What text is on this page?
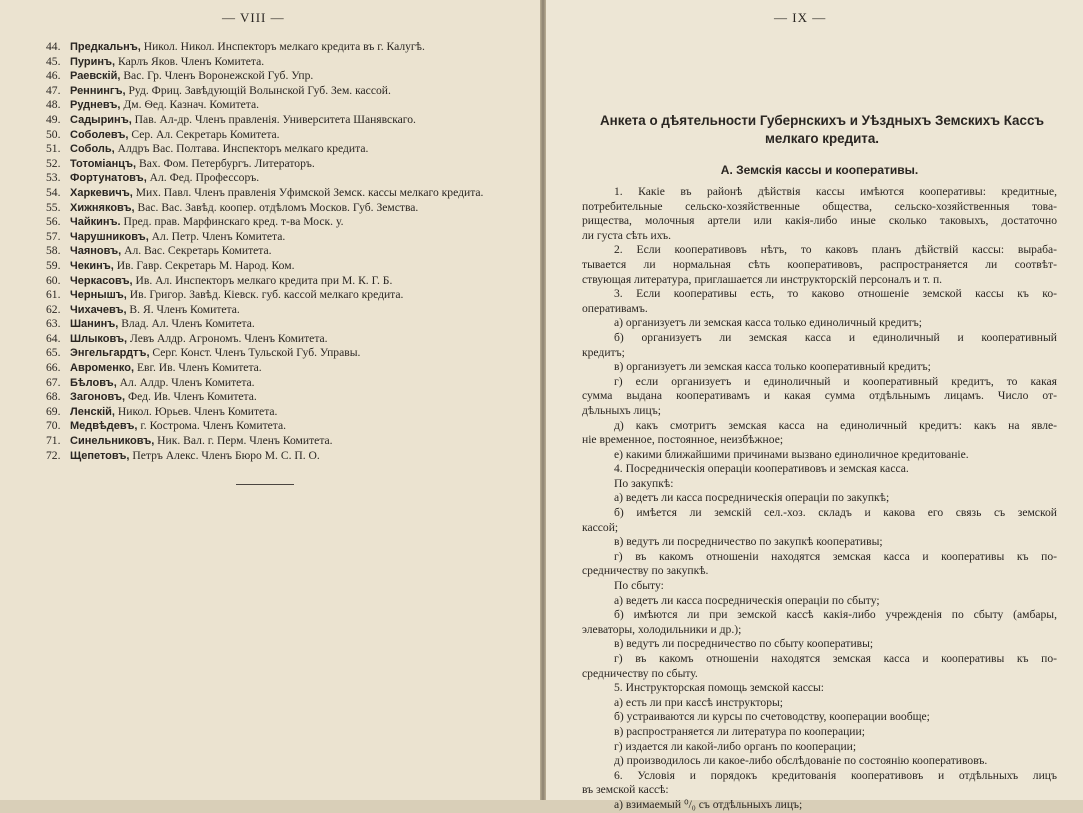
— VIII —
44. Предкальнъ, Никол. Никол. Инспекторъ мелкаго кредита въ г. Калугѣ.
45. Пуринъ, Карлъ Яков. Членъ Комитета.
46. Раевскій, Вас. Гр. Членъ Воронежской Губ. Упр.
47. Реннингъ, Руд. Фриц. Завѣдующій Волынской Губ. Зем. кассой.
48. Рудневъ, Дм. Ѳед. Казнач. Комитета.
49. Садыринъ, Пав. Ал-др. Членъ правленія. Университета Шанявскаго.
50. Соболевъ, Сер. Ал. Секретарь Комитета.
51. Соболь, Алдръ Вас. Полтава. Инспекторъ мелкаго кредита.
52. Тотоміанцъ, Вах. Фом. Петербургъ. Литераторъ.
53. Фортунатовъ, Ал. Фед. Профессоръ.
54. Харкевичъ, Мих. Павл. Членъ правленія Уфимской Земск. кассы мелкаго кредита.
55. Хижняковъ, Вас. Вас. Завѣд. коопер. отдѣломъ Москов. Губ. Земства.
56. Чайкинъ. Пред. прав. Марфинскаго кред. т-ва Моск. у.
57. Чарушниковъ, Ал. Петр. Членъ Комитета.
58. Чаяновъ, Ал. Вас. Секретарь Комитета.
59. Чекинъ, Ив. Гавр. Секретарь М. Народ. Ком.
60. Черкасовъ, Ив. Ал. Инспекторъ мелкаго кредита при М. К. Г. Б.
61. Чернышъ, Ив. Григор. Завѣд. Кіевск. губ. кассой мелкаго кредита.
62. Чихачевъ, В. Я. Членъ Комитета.
63. Шанинъ, Влад. Ал. Членъ Комитета.
64. Шлыковъ, Левъ Алдр. Агрономъ. Членъ Комитета.
65. Энгельгардтъ, Серг. Конст. Членъ Тульской Губ. Управы.
66. Авроменко, Евг. Ив. Членъ Комитета.
67. Бѣловъ, Ал. Алдр. Членъ Комитета.
68. Загоновъ, Фед. Ив. Членъ Комитета.
69. Ленскій, Никол. Юрьев. Членъ Комитета.
70. Медвѣдевъ, г. Кострома. Членъ Комитета.
71. Синельниковъ, Ник. Вал. г. Перм. Членъ Комитета.
72. Щепетовъ, Петръ Алекс. Членъ Бюро М. С. П. О.
— IX —
Анкета о дѣятельности Губернскихъ и Уѣздныхъ Земскихъ Кассъ
мелкаго кредита.
А. Земскія кассы и кооперативы.
1. Какіе въ районѣ дѣйствія кассы имѣются кооперативы: кредитные,
потребительные сельско-хозяйственные общества, сельско-хозяйственныя това-
рищества, молочныя артели или какія-либо иные сколько таковыхъ, достаточно
ли густа сѣть ихъ.
2. Если кооперативовъ нѣтъ, то каковъ планъ дѣйствій кассы: выраба-
тывается ли нормальная сѣть кооперативовъ, распространяется ли соотвѣт-
ствующая литература, приглашается ли инструкторскій персоналъ и т. п.
3. Если кооперативы есть, то каково отношеніе земской кассы къ ко-
оперативамъ.
а) организуетъ ли земская касса только единоличный кредитъ;
б) организуетъ ли земская касса и единоличный и кооперативный
кредитъ;
в) организуетъ ли земская касса только кооперативный кредитъ;
г) если организуетъ и единоличный и кооперативный кредитъ, то какая
сумма выдана кооперативамъ и какая сумма отдѣльнымъ лицамъ. Число от-
дѣльныхъ лицъ;
д) какъ смотритъ земская касса на единоличный кредитъ: какъ на явле-
ніе временное, постоянное, неизбѣжное;
е) какими ближайшими причинами вызвано единоличное кредитованіе.
4. Посредническія операціи кооперативовъ и земская касса.
По закупкѣ:
а) ведетъ ли касса посредническія операціи по закупкѣ;
б) имѣется ли земскій сел.-хоз. складъ и какова его связь съ земской
кассой;
в) ведутъ ли посредничество по закупкѣ кооперативы;
г) въ какомъ отношеніи находятся земская касса и кооперативы къ по-
средничеству по закупкѣ.
По сбыту:
а) ведетъ ли касса посредническія операціи по сбыту;
б) имѣются ли при земской кассѣ какія-либо учрежденія по сбыту (амбары,
элеваторы, холодильники и др.);
в) ведутъ ли посредничество по сбыту кооперативы;
г) въ какомъ отношеніи находятся земская касса и кооперативы къ по-
средничеству по сбыту.
5. Инструкторская помощь земской кассы:
а) есть ли при кассѣ инструкторы;
б) устраиваются ли курсы по счетоводству, кооперации вообще;
в) распространяется ли литература по кооперации;
г) издается ли какой-либо органъ по кооперации;
д) производилось ли какое-либо обслѣдованіе по состоянію кооперативовъ.
6. Условія и порядокъ кредитованія кооперативовъ и отдѣльныхъ лицъ
въ земской кассѣ:
а) взимаемый ⁰/₀ съ отдѣльныхъ лицъ;
